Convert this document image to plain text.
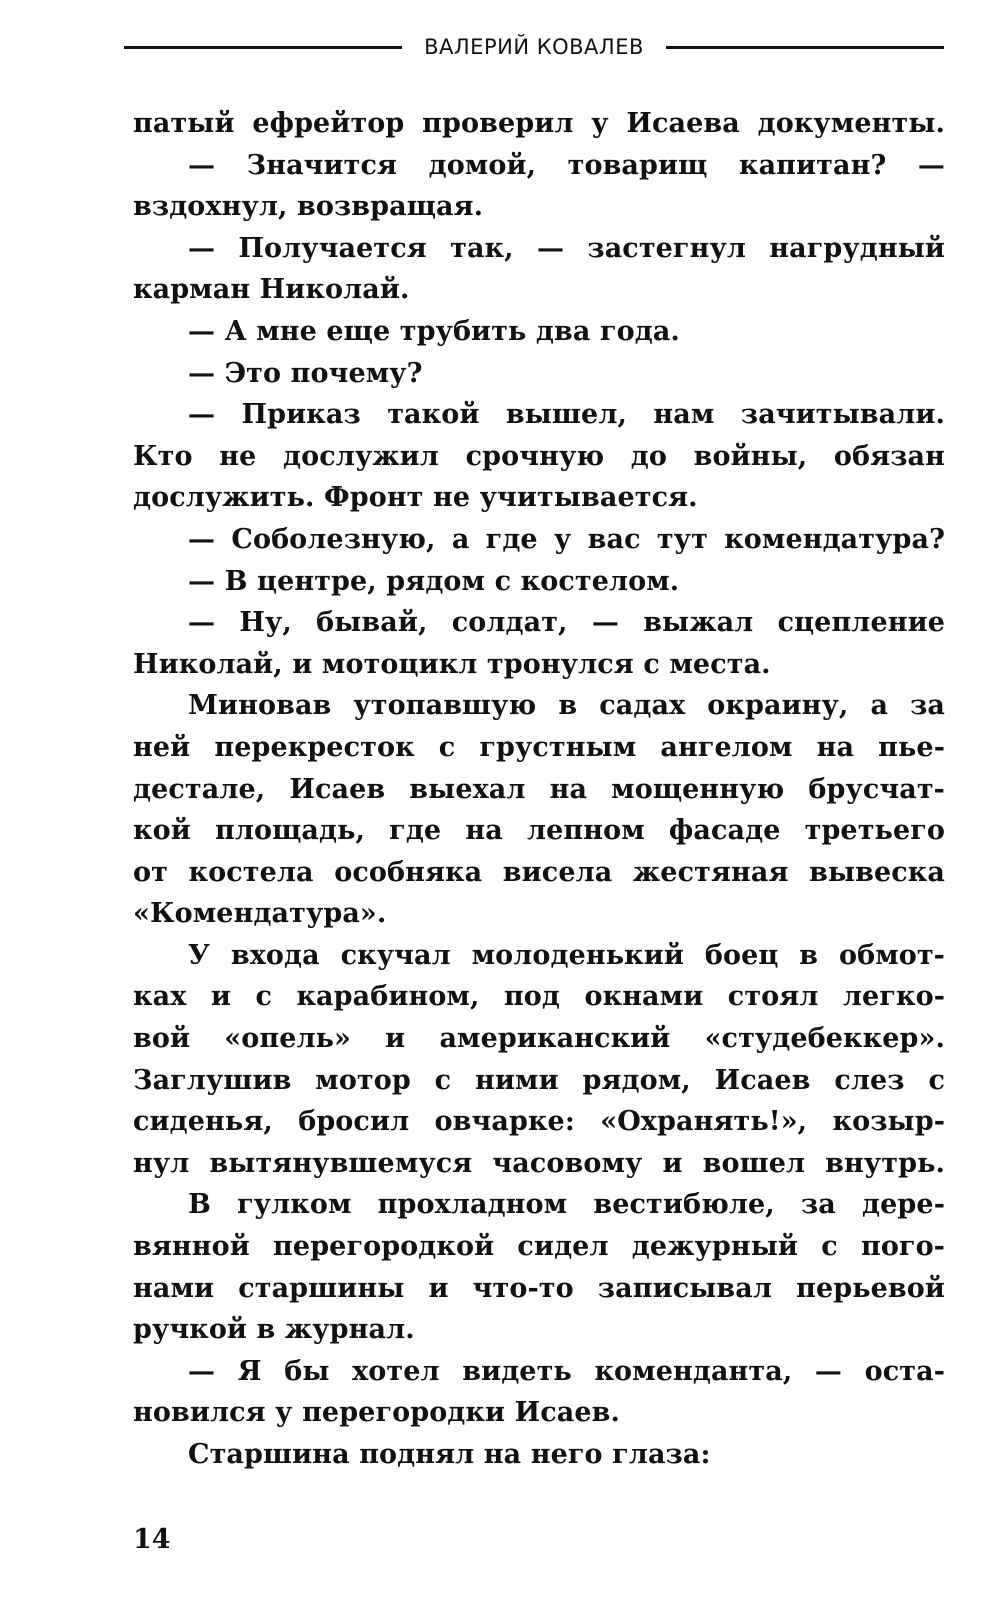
ВАЛЕРИЙ КОВАЛЕВ
патый ефрейтор проверил у Исаева документы.
— Значится домой, товарищ капитан? —
вздохнул, возвращая.
— Получается так, — застегнул нагрудный
карман Николай.
— А мне еще трубить два года.
— Это почему?
— Приказ такой вышел, нам зачитывали.
Кто не дослужил срочную до войны, обязан
дослужить. Фронт не учитывается.
— Соболезную, а где у вас тут комендатура?
— В центре, рядом с костелом.
— Ну, бывай, солдат, — выжал сцепление
Николай, и мотоцикл тронулся с места.
Миновав утопавшую в садах окраину, а за
ней перекресток с грустным ангелом на пье-
дестале, Исаев выехал на мощенную брусчат-
кой площадь, где на лепном фасаде третьего
от костела особняка висела жестяная вывеска
«Комендатура».
У входа скучал молоденький боец в обмот-
ках и с карабином, под окнами стоял легко-
вой «опель» и американский «студебеккер».
Заглушив мотор с ними рядом, Исаев слез с
сиденья, бросил овчарке: «Охранять!», козыр-
нул вытянувшемуся часовому и вошел внутрь.
В гулком прохладном вестибюле, за дере-
вянной перегородкой сидел дежурный с пого-
нами старшины и что-то записывал перьевой
ручкой в журнал.
— Я бы хотел видеть коменданта, — оста-
новился у перегородки Исаев.
Старшина поднял на него глаза:
14
